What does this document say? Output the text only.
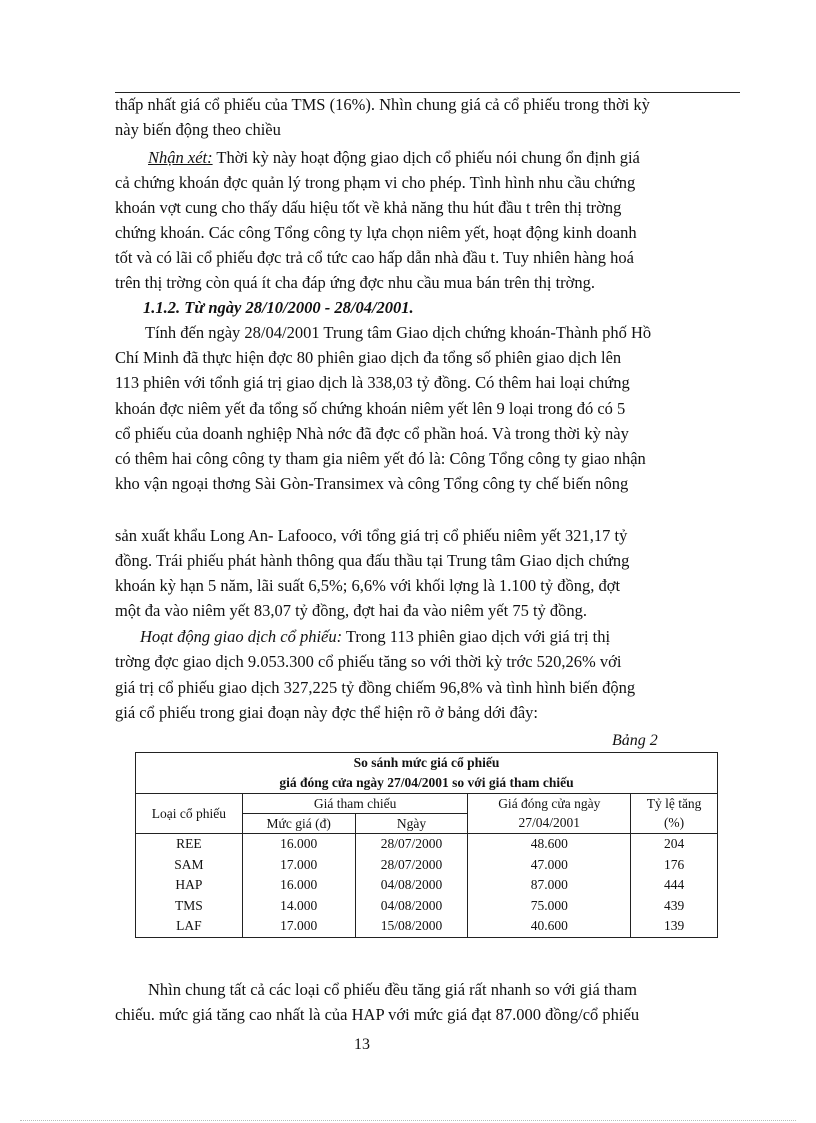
thấp nhất giá cổ phiếu của TMS (16%). Nhìn chung giá cả cổ phiếu trong thời kỳ
này biến động theo chiều
Nhận xét: Thời kỳ này hoạt động giao dịch cổ phiếu nói chung ổn định giá
cả chứng khoán đợc quản lý trong phạm vi cho phép. Tình hình nhu cầu chứng
khoán vợt cung cho thấy dấu hiệu tốt về khả năng thu hút đầu t trên thị trờng
chứng khoán. Các công Tổng công ty lựa chọn niêm yết, hoạt động kinh doanh
tốt và có lãi cổ phiếu đợc trả cổ tức cao hấp dẫn nhà đầu t. Tuy nhiên hàng hoá
trên thị trờng còn quá ít cha đáp ứng đợc nhu cầu mua bán trên thị trờng.
1.1.2. Từ ngày 28/10/2000 - 28/04/2001.
Tính đến ngày 28/04/2001 Trung tâm Giao dịch chứng khoán-Thành phố Hồ
Chí Minh đã thực hiện đợc 80 phiên giao dịch đa tổng số phiên giao dịch lên
113 phiên với tổnh giá trị giao dịch là 338,03 tỷ đồng. Có thêm hai loại chứng
khoán đợc niêm yết đa tổng số chứng khoán niêm yết lên 9 loại trong đó có 5
cổ phiếu của doanh nghiệp Nhà nớc đã đợc cổ phần hoá. Và trong thời kỳ này
có thêm hai công công ty tham gia niêm yết đó là: Công Tổng công ty giao nhận
kho vận ngoại thơng Sài Gòn-Transimex và công Tổng công ty chế biến nông
sản xuất khẩu Long An- Lafooco, với tổng giá trị cổ phiếu niêm yết 321,17 tỷ
đồng. Trái phiếu phát hành thông qua đấu thầu tại Trung tâm Giao dịch chứng
khoán kỳ hạn 5 năm, lãi suất 6,5%; 6,6% với khối lợng là 1.100 tỷ đồng, đợt
một đa vào niêm yết 83,07 tỷ đồng, đợt hai đa vào niêm yết 75 tỷ đồng.
Hoạt động giao dịch cổ phiếu: Trong 113 phiên giao dịch với giá trị thị
trờng đợc giao dịch 9.053.300 cổ phiếu tăng so với thời kỳ trớc 520,26% với
giá trị cổ phiếu giao dịch 327,225 tỷ đồng chiếm 96,8% và tình hình biến động
giá cổ phiếu trong giai đoạn này đợc thể hiện rõ ở bảng dới đây:
Bảng 2
So sánh mức giá cổ phiếu				
giá đóng cửa ngày 27/04/2001 so với giá tham chiếu				
Loại cổ phiếu	Giá tham chiếu		Giá đóng cửa ngày	Tỷ lệ tăng
	Mức giá (đ)	Ngày	27/04/2001	(%)
REE	16.000	28/07/2000	48.600	204
SAM	17.000	28/07/2000	47.000	176
HAP	16.000	04/08/2000	87.000	444
TMS	14.000	04/08/2000	75.000	439
LAF	17.000	15/08/2000	40.600	139
Nhìn chung tất cả các loại cổ phiếu đều tăng giá rất nhanh so với giá tham
chiếu. mức giá tăng cao nhất là của HAP với mức giá đạt 87.000 đồng/cổ phiếu
13
